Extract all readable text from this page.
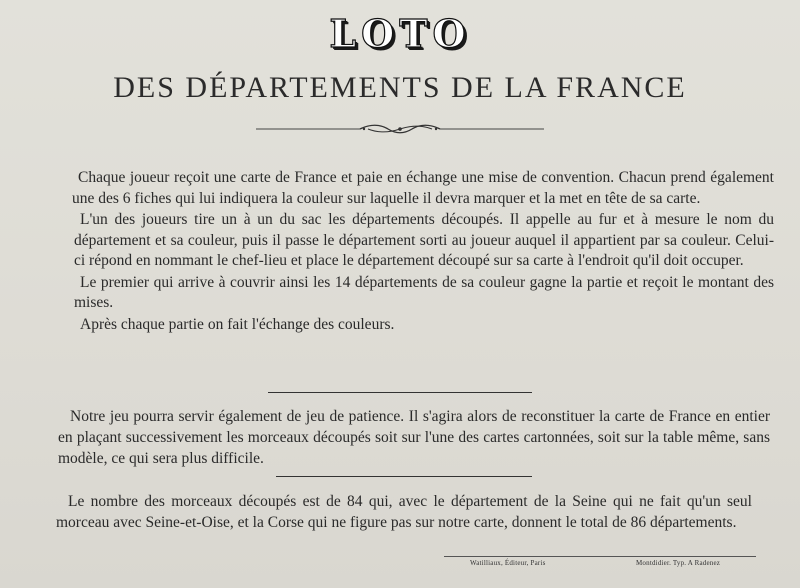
LOTO
DES DÉPARTEMENTS DE LA FRANCE

Chaque joueur reçoit une carte de France et paie en échange une mise de convention. Chacun prend également une des 6 fiches qui lui indiquera la couleur sur laquelle il devra marquer et la met en tête de sa carte.

L'un des joueurs tire un à un du sac les départements découpés. Il appelle au fur et à mesure le nom du département et sa couleur, puis il passe le département sorti au joueur auquel il appartient par sa couleur. Celui-ci répond en nommant le chef-lieu et place le département découpé sur sa carte à l'endroit qu'il doit occuper.

Le premier qui arrive à couvrir ainsi les 14 départements de sa couleur gagne la partie et reçoit le montant des mises.

Après chaque partie on fait l'échange des couleurs.

Notre jeu pourra servir également de jeu de patience. Il s'agira alors de reconstituer la carte de France en entier en plaçant successivement les morceaux découpés soit sur l'une des cartes cartonnées, soit sur la table même, sans modèle, ce qui sera plus difficile.

Le nombre des morceaux découpés est de 84 qui, avec le département de la Seine qui ne fait qu'un seul morceau avec Seine-et-Oise, et la Corse qui ne figure pas sur notre carte, donnent le total de 86 départements.

Watilliaux, Éditeur, Paris	Montdidier. Typ. A Radenez
